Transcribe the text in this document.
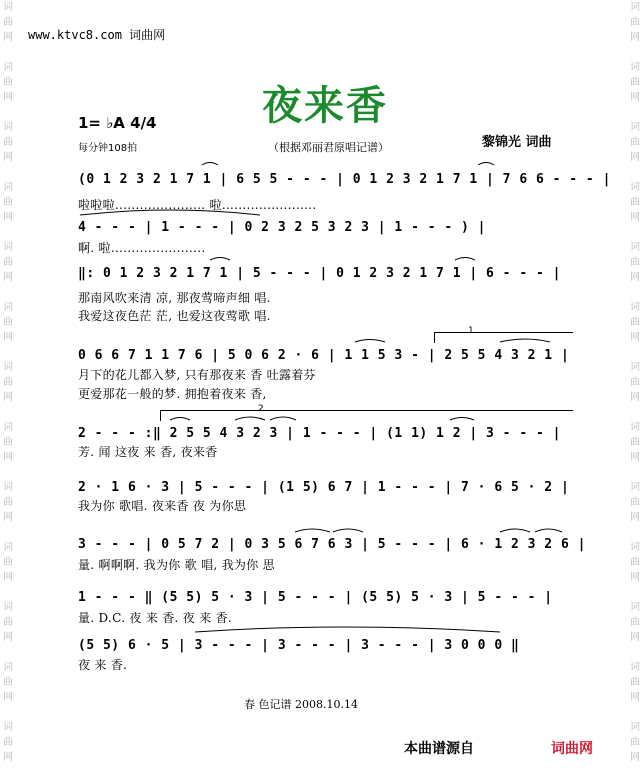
词
曲
网
词
曲
网
词
曲
网
词
曲
网
词
曲
网
词
曲
网
词
曲
网
词
曲
网
词
曲
网
词
曲
网
词
曲
网
词
曲
网
词
曲
网
词
曲
网
词
曲
网
词
曲
网
词
曲
网
词
曲
网
词
曲
网
词
曲
网
词
曲
网
词
曲
网
词
曲
网
词
曲
网
词
曲
网
词
曲
网
www.ktvc8.com 词曲网
夜来香
1= ♭A 4/4
每分钟108拍	（根据邓丽君原唱记谱）	黎锦光 词曲
(0 1 2 3 2 1 7 1 | 6 5 5 - - - | 0 1 2 3 2 1 7 1 | 7 6 6 - - - |
啦啦啦...................... 啦.......................
4 - - - | 1 - - - | 0 2 3 2 5 3 2 3 | 1 - - - ) |
啊. 啦.......................
‖: 0 1 2 3 2 1 7 1 | 5 - - - | 0 1 2 3 2 1 7 1 | 6 - - - |
那南风吹来清 凉, 那夜莺啼声细 唱.
我爱这夜色茫 茫, 也爱这夜莺歌 唱.
1
0 6 6 7 1 1 7 6 | 5 0 6 2 · 6 | 1 1 5 3 - | 2 5 5 4 3 2 1 |
月下的花儿都入梦, 只有那夜来 香 吐露着芬
更爱那花一般的梦. 拥抱着夜来 香,
2
2 - - - :‖ 2 5 5 4 3 2 3 | 1 - - - | (1 1) 1 2 | 3 - - - |
芳. 闻 这夜 来 香, 夜来香
2 · 1 6 · 3 | 5 - - - | (1 5) 6 7 | 1 - - - | 7 · 6 5 · 2 |
我为你 歌唱. 夜来香 夜 为你思
3 - - - | 0 5 7 2 | 0 3 5 6 7 6 3 | 5 - - - | 6 · 1 2 3 2 6 |
量. 啊啊啊. 我为你 歌 唱, 我为你 思
1 - - - ‖ (5 5) 5 · 3 | 5 - - - | (5 5) 5 · 3 | 5 - - - |
量. D.C. 夜 来 香. 夜 来 香.
(5 5) 6 · 5 | 3 - - - | 3 - - - | 3 - - - | 3 0 0 0 ‖
夜 来 香.
春 色记谱 2008.10.14
本曲谱源自	词曲网
